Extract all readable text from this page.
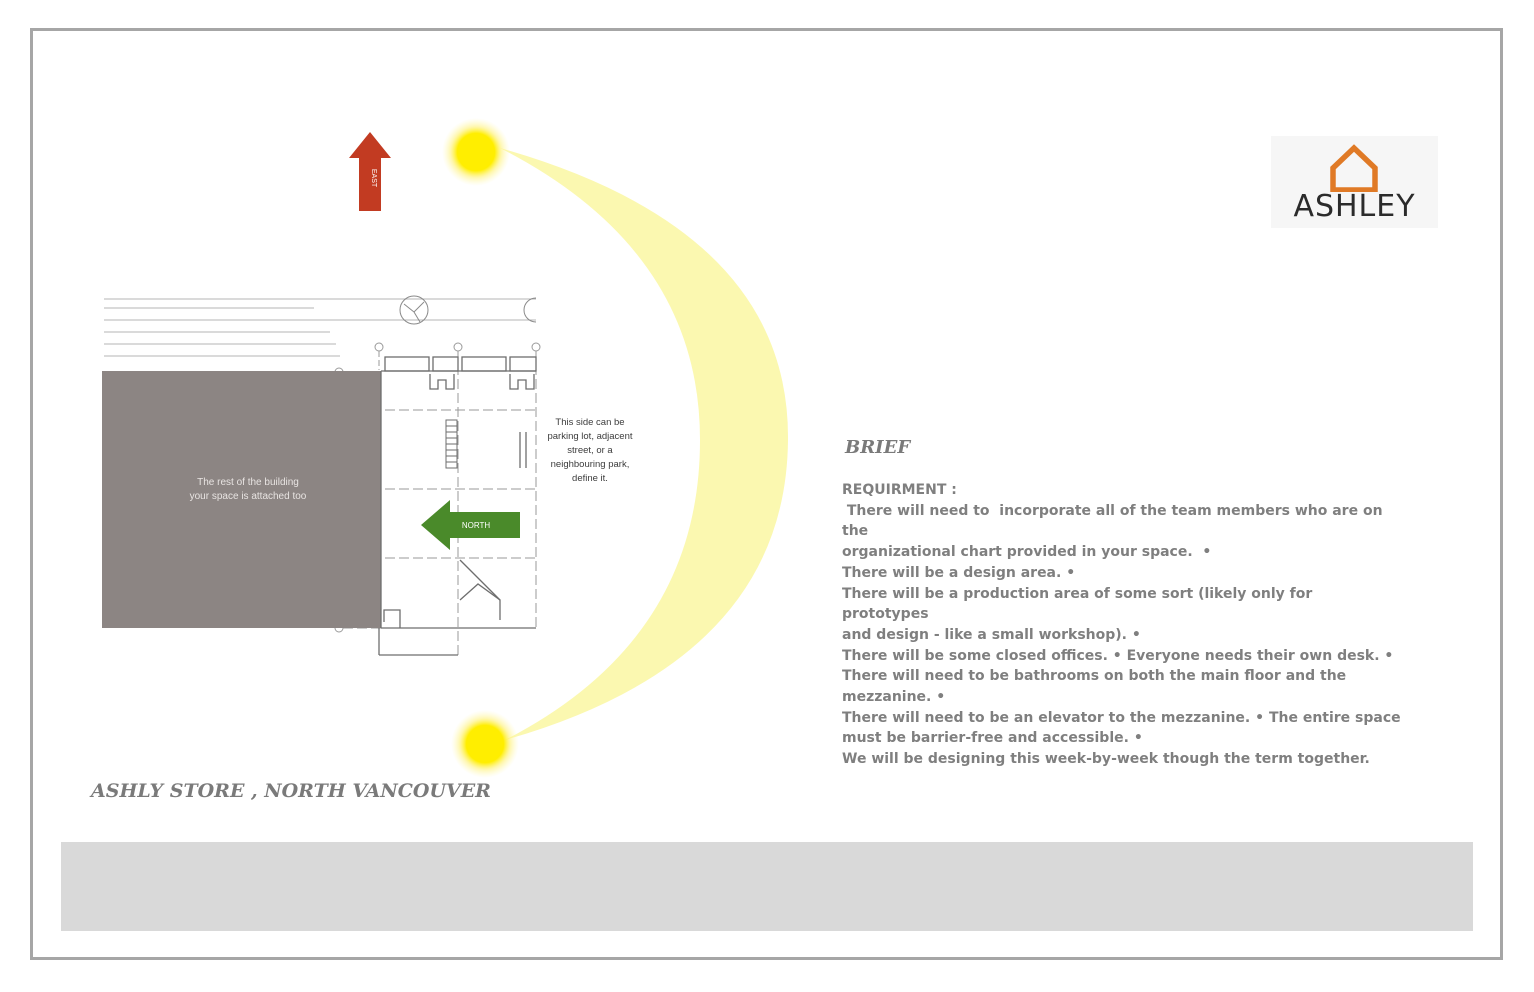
EAST
The rest of the building
your space is attached too
NORTH
This side can be
parking lot, adjacent
street, or a
neighbouring park,
define it.
ASHLEY
BRIEF
REQUIRMENT :
There will need to  incorporate all of the team members who are on the
organizational chart provided in your space.  •
There will be a design area. •
There will be a production area of some sort (likely only for prototypes
and design - like a small workshop). •
There will be some closed offices. • Everyone needs their own desk. •
There will need to be bathrooms on both the main floor and the
mezzanine. •
There will need to be an elevator to the mezzanine. • The entire space
must be barrier-free and accessible. •
We will be designing this week-by-week though the term together.
ASHLY STORE , NORTH VANCOUVER
